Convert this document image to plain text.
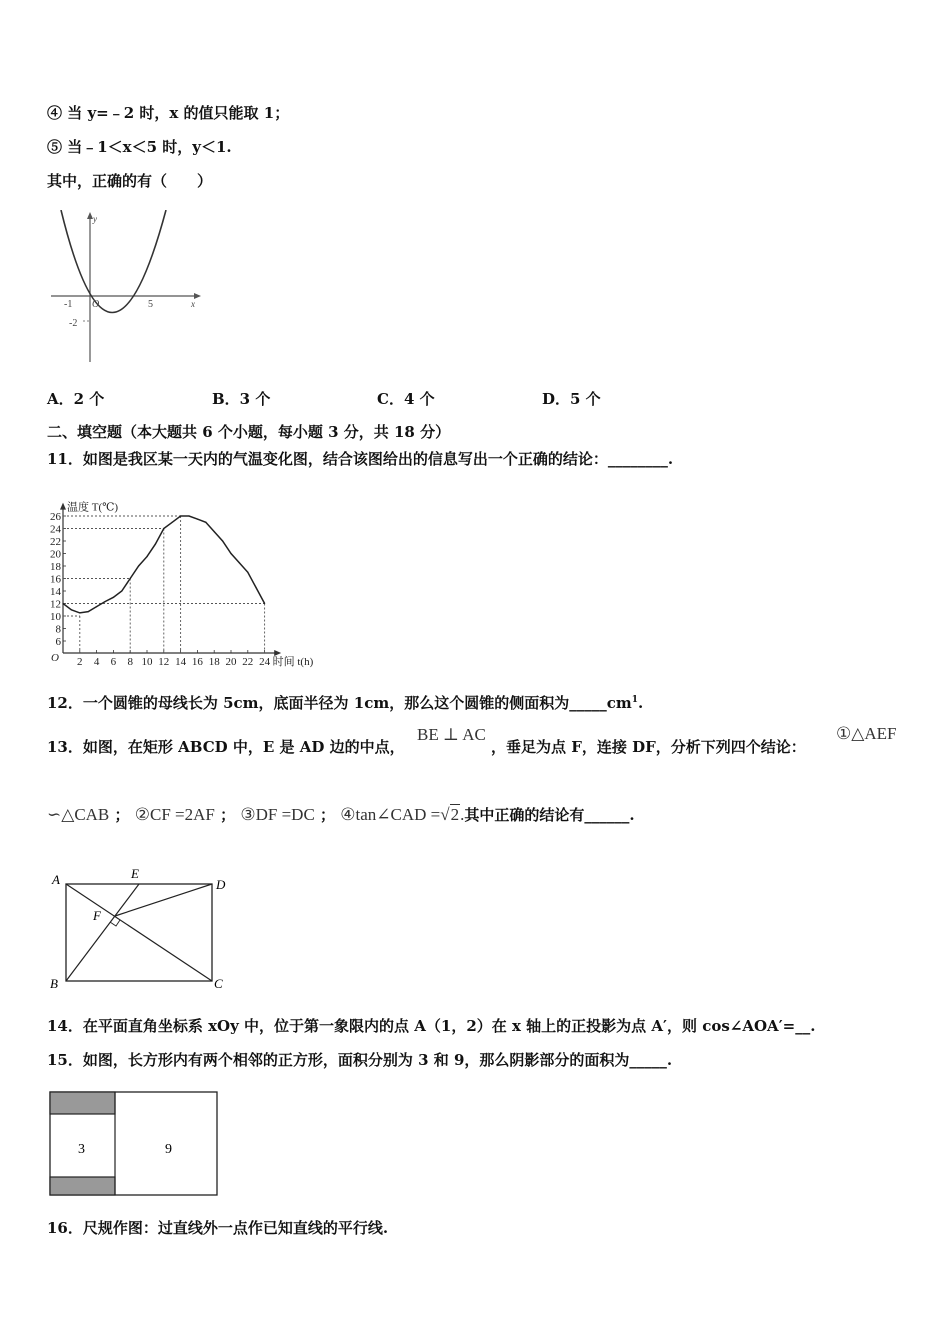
④ 当 y=﹣2 时，x 的值只能取 1；
⑤ 当﹣1＜x＜5 时，y＜1.
其中，正确的有（　　）
y
x
O
-1	5
-2
A．2 个	B．3 个	C．4 个	D．5 个
二、填空题（本大题共 6 个小题，每小题 3 分，共 18 分）
11．如图是我区某一天内的气温变化图，结合该图给出的信息写出一个正确的结论：________.
温度 T(℃)
时间 t(h)
O
26
24
22
20
18
16
14
12
10
8
6
2 4 6 8 10 12 14 16 18 20 22 24
12．一个圆锥的母线长为 5cm，底面半径为 1cm，那么这个圆锥的侧面积为$\_\_\_\_\_cm^1$.
13．如图，在矩形 ABCD 中，E 是 AD 边的中点，
BE ⊥ AC
，垂足为点 F，连接 DF，分析下列四个结论：
①△AEF
∽△CAB ； ②CF =2AF ； ③DF =DC ； ④tan∠CAD =√2.其中正确的结论有______.
A
B	C
D
E
F
14．在平面直角坐标系 xOy 中，位于第一象限内的点 A（1，2）在 x 轴上的正投影为点 A′，则 cos∠AOA′=__.
15．如图，长方形内有两个相邻的正方形，面积分别为 3 和 9，那么阴影部分的面积为_____.
3	9
16．尺规作图：过直线外一点作已知直线的平行线.
